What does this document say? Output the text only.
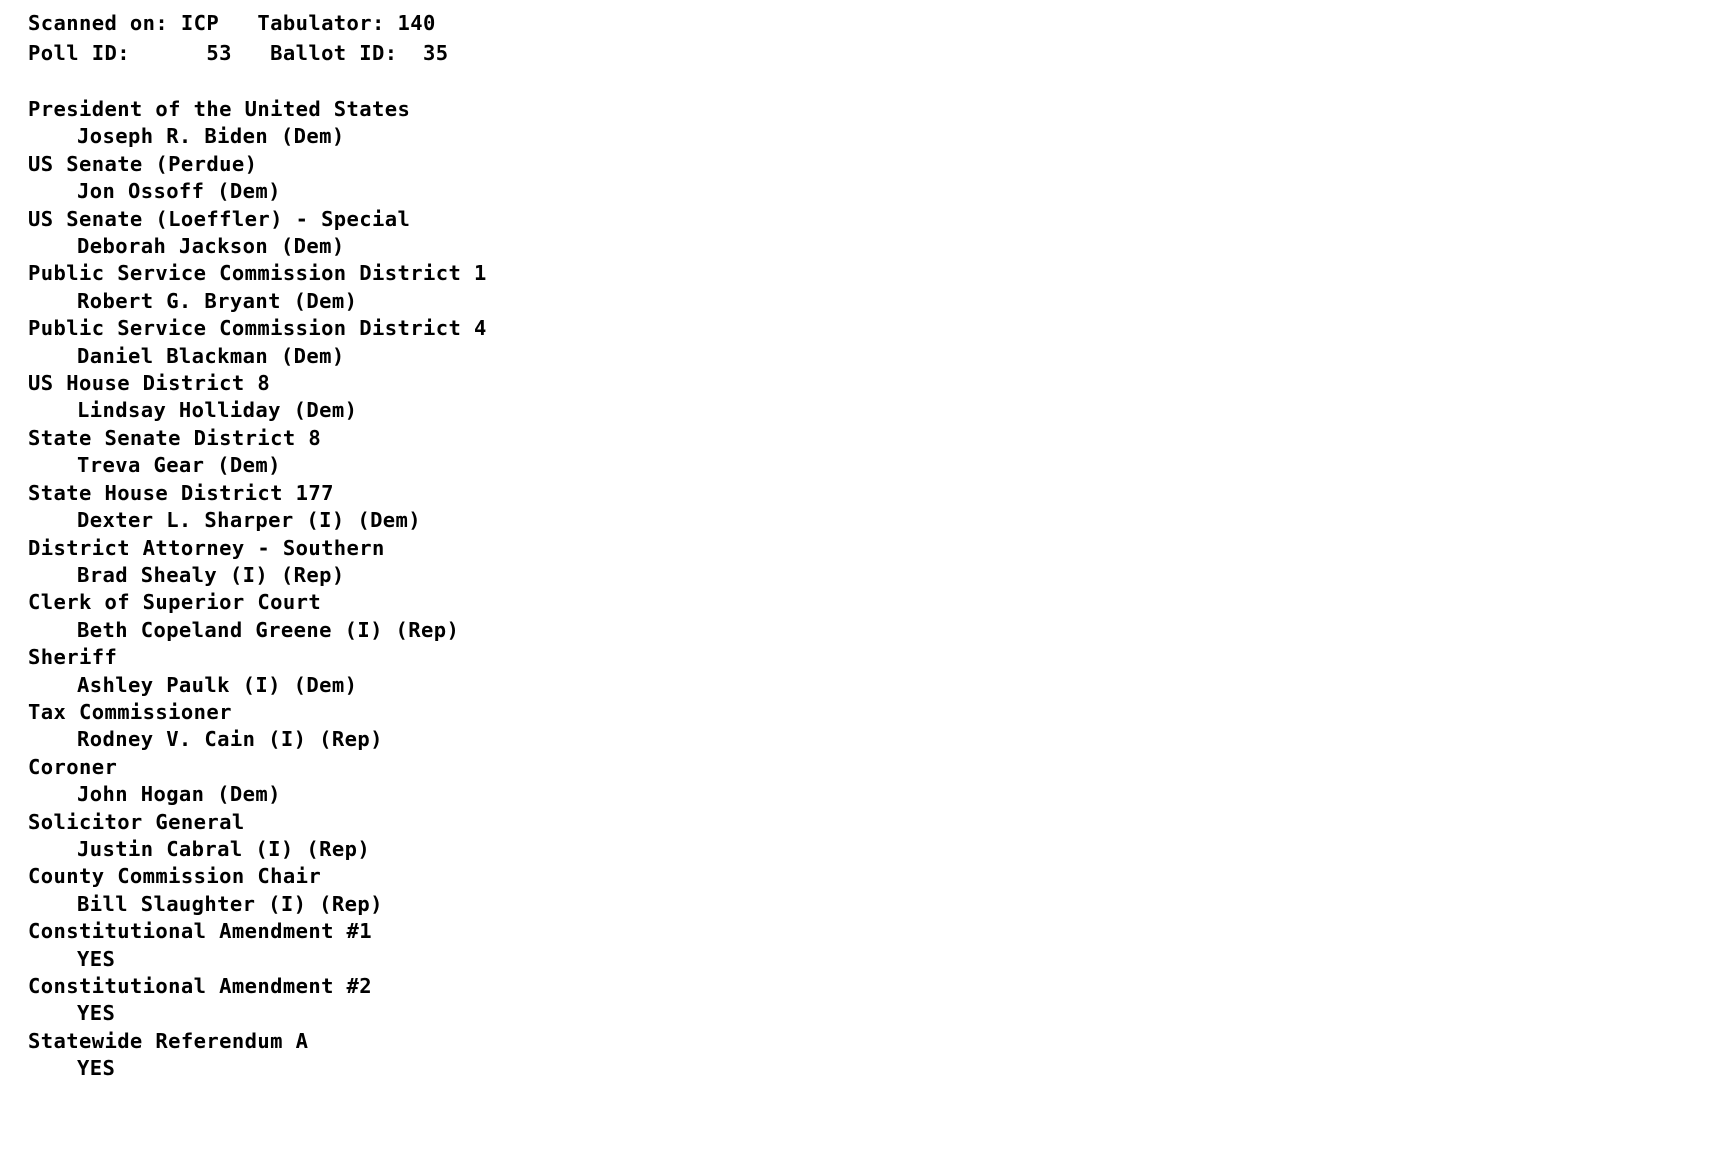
Scanned on: ICP   Tabulator: 140
Poll ID:      53   Ballot ID:  35
President of the United States
Joseph R. Biden (Dem)
US Senate (Perdue)
Jon Ossoff (Dem)
US Senate (Loeffler) - Special
Deborah Jackson (Dem)
Public Service Commission District 1
Robert G. Bryant (Dem)
Public Service Commission District 4
Daniel Blackman (Dem)
US House District 8
Lindsay Holliday (Dem)
State Senate District 8
Treva Gear (Dem)
State House District 177
Dexter L. Sharper (I) (Dem)
District Attorney - Southern
Brad Shealy (I) (Rep)
Clerk of Superior Court
Beth Copeland Greene (I) (Rep)
Sheriff
Ashley Paulk (I) (Dem)
Tax Commissioner
Rodney V. Cain (I) (Rep)
Coroner
John Hogan (Dem)
Solicitor General
Justin Cabral (I) (Rep)
County Commission Chair
Bill Slaughter (I) (Rep)
Constitutional Amendment #1
YES
Constitutional Amendment #2
YES
Statewide Referendum A
YES
